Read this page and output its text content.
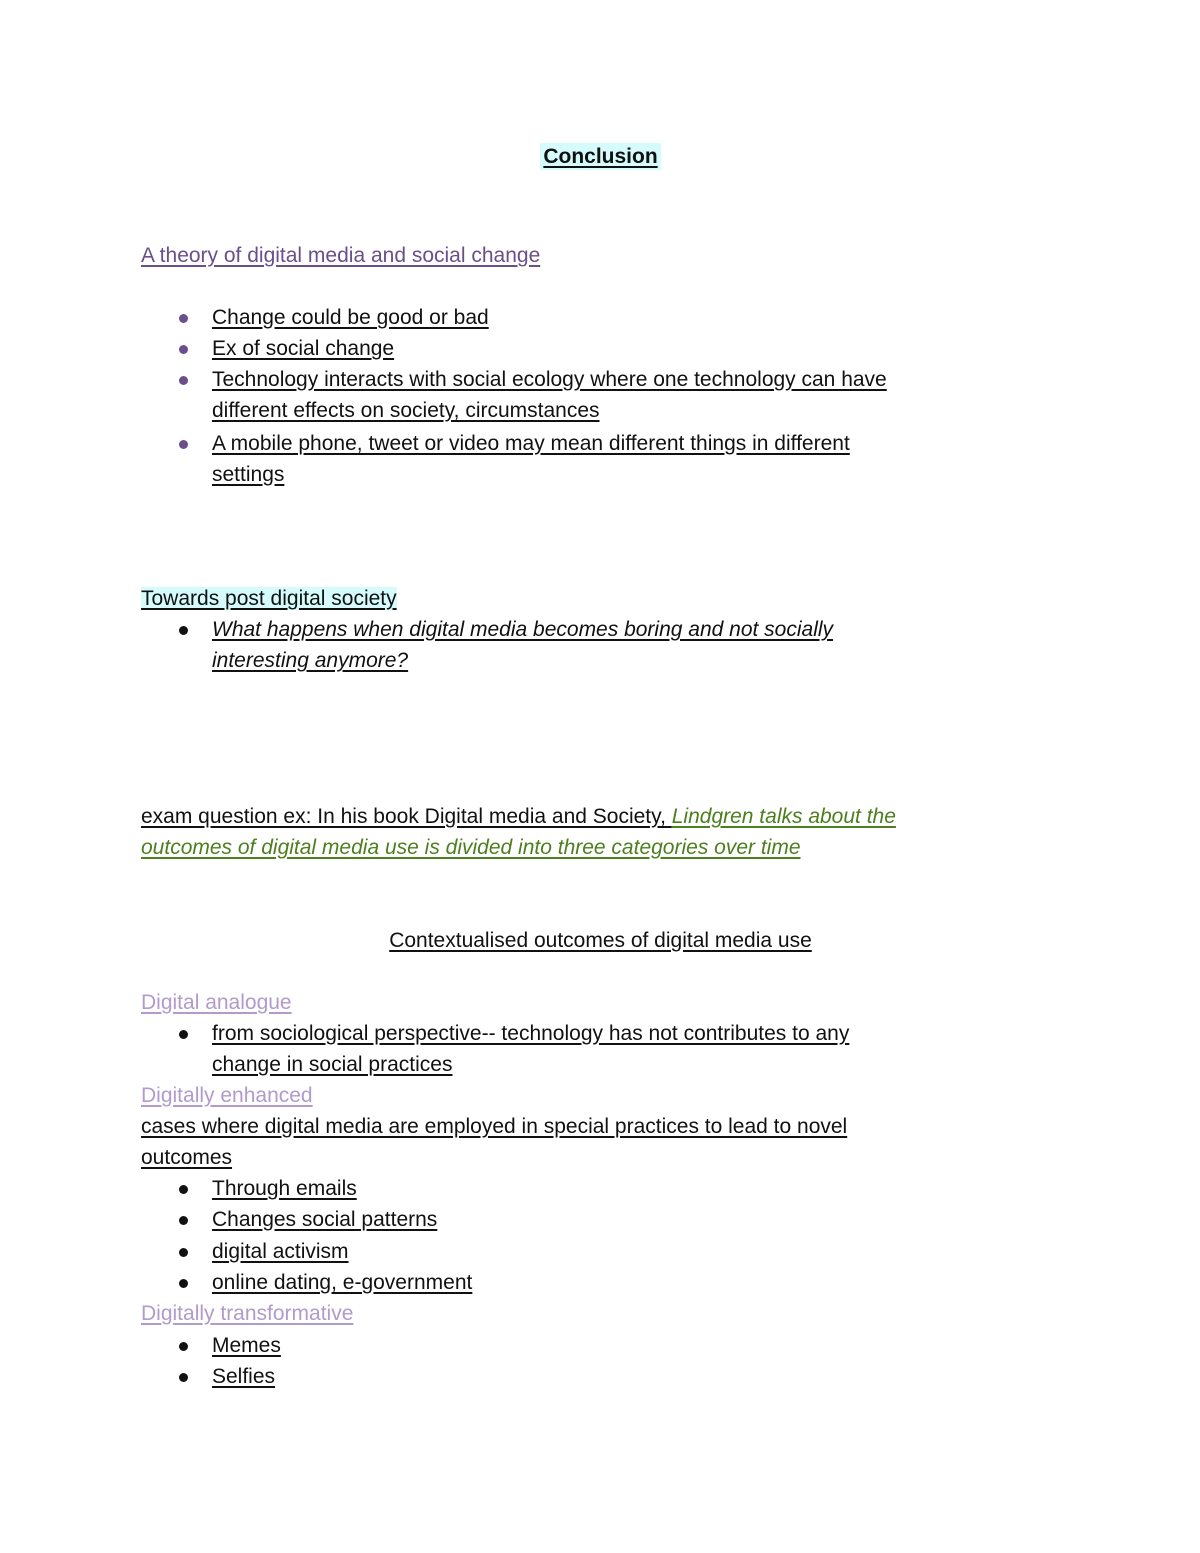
Conclusion
A theory of digital media and social change
Change could be good or bad
Ex of social change
Technology interacts with social ecology where one technology can have
different effects on society, circumstances
A mobile phone, tweet or video may mean different things in different
settings
Towards post digital society
What happens when digital media becomes boring and not socially
interesting anymore?
exam question ex: In his book Digital media and Society, Lindgren talks about the
outcomes of digital media use is divided into three categories over time
Contextualised outcomes of digital media use
Digital analogue
from sociological perspective-- technology has not contributes to any
change in social practices
Digitally enhanced
cases where digital media are employed in special practices to lead to novel
outcomes
Through emails
Changes social patterns
digital activism
online dating, e-government
Digitally transformative
Memes
Selfies
